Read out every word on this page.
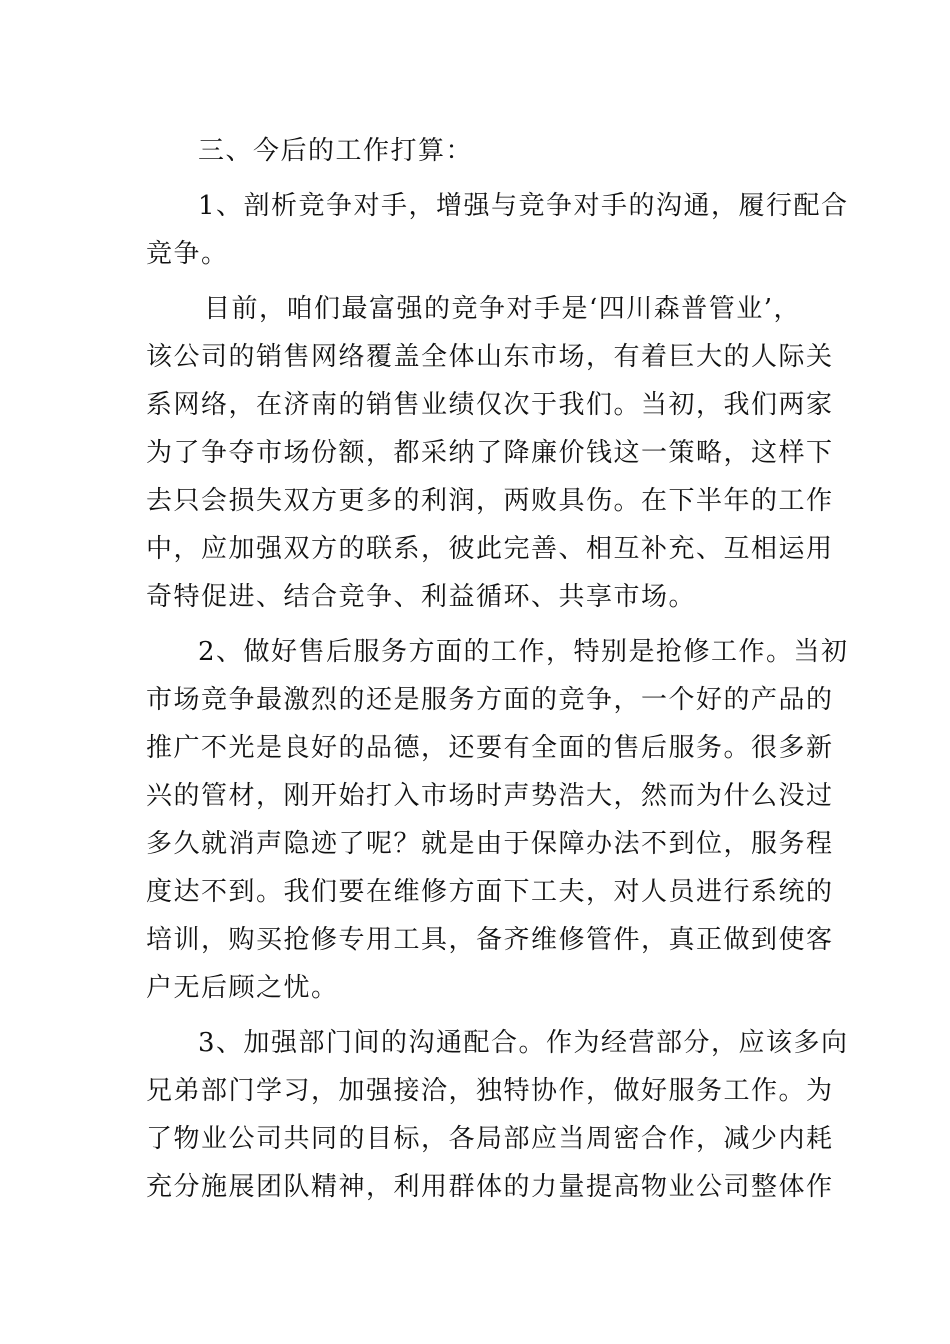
三、今后的工作打算：
1、剖析竞争对手，增强与竞争对手的沟通，履行配合
竞争。
目前，咱们最富强的竞争对手是‘四川森普管业’，
该公司的销售网络覆盖全体山东市场，有着巨大的人际关
系网络，在济南的销售业绩仅次于我们。当初，我们两家
为了争夺市场份额，都采纳了降廉价钱这一策略，这样下
去只会损失双方更多的利润，两败具伤。在下半年的工作
中，应加强双方的联系，彼此完善、相互补充、互相运用
奇特促进、结合竞争、利益循环、共享市场。
2、做好售后服务方面的工作，特别是抢修工作。当初
市场竞争最激烈的还是服务方面的竞争，一个好的产品的
推广不光是良好的品德，还要有全面的售后服务。很多新
兴的管材，刚开始打入市场时声势浩大，然而为什么没过
多久就消声隐迹了呢？就是由于保障办法不到位，服务程
度达不到。我们要在维修方面下工夫，对人员进行系统的
培训，购买抢修专用工具，备齐维修管件，真正做到使客
户无后顾之忧。
3、加强部门间的沟通配合。作为经营部分，应该多向
兄弟部门学习，加强接洽，独特协作，做好服务工作。为
了物业公司共同的目标，各局部应当周密合作，减少内耗
充分施展团队精神，利用群体的力量提高物业公司整体作
